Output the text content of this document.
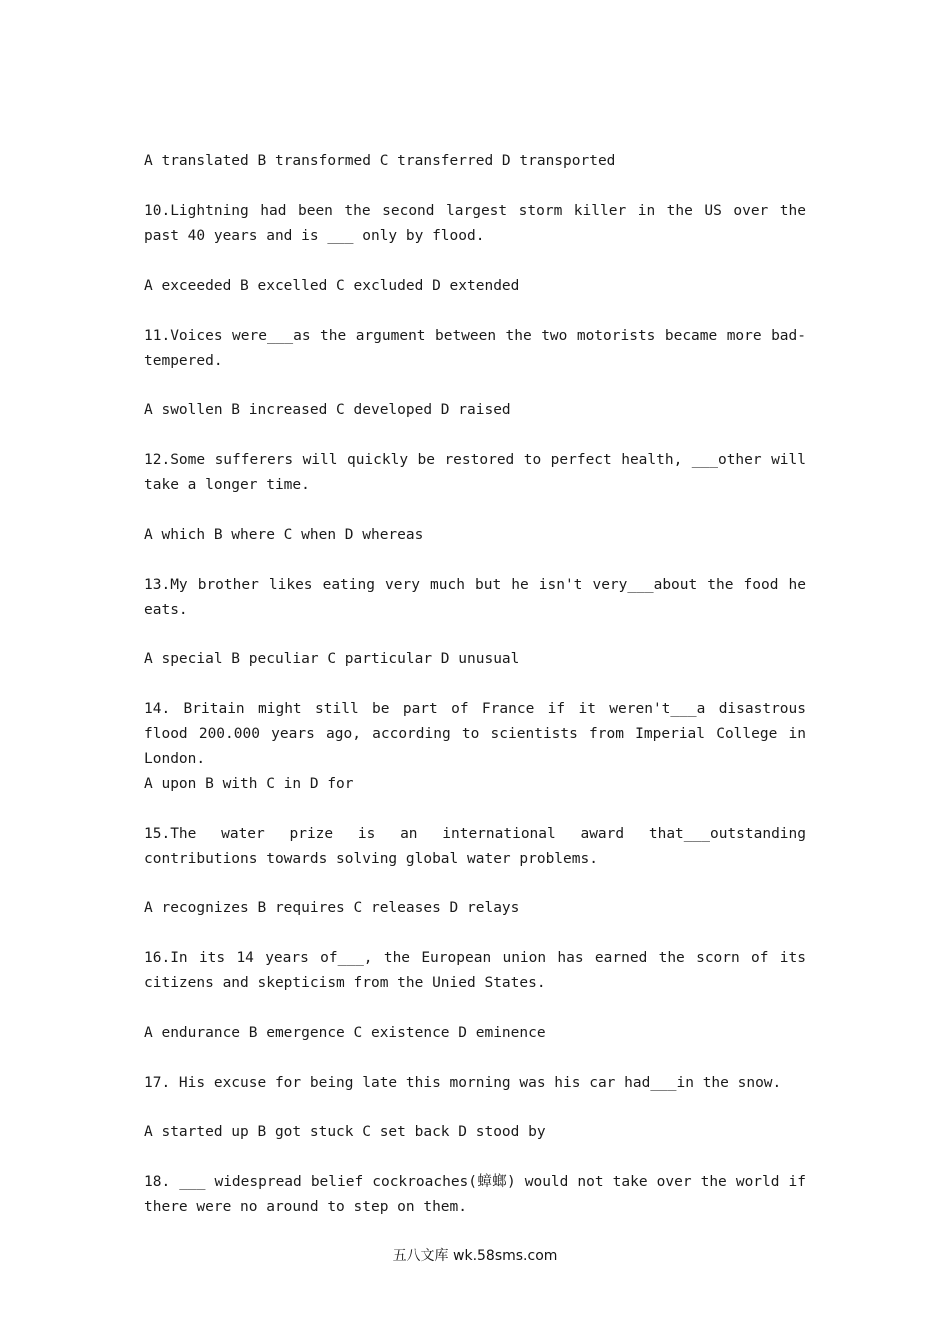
A translated B transformed C transferred D transported
10.Lightning had been the second largest storm killer in the US over the past 40 years and is ___ only by flood.
A exceeded B excelled C excluded D extended
11.Voices were___as the argument between the two motorists became more bad-tempered.
A swollen B increased C developed D raised
12.Some sufferers will quickly be restored to perfect health, ___other will take a longer time.
A which B where C when D whereas
13.My brother likes eating very much but he isn't very___about the food he eats.
A special B peculiar C particular D unusual
14. Britain might still be part of France if it weren't___a disastrous flood 200.000 years ago, according to scientists from Imperial College in London.
A upon B with C in D for
15.The water prize is an international award that___outstanding contributions towards solving global water problems.
A recognizes B requires C releases D relays
16.In its 14 years of___, the European union has earned the scorn of its citizens and skepticism from the Unied States.
A endurance B emergence C existence D eminence
17. His excuse for being late this morning was his car had___in the snow.
A started up B got stuck C set back D stood by
18. ___ widespread belief cockroaches(蟑螂) would not take over the world if there were no around to step on them.
五八文库 wk.58sms.com
